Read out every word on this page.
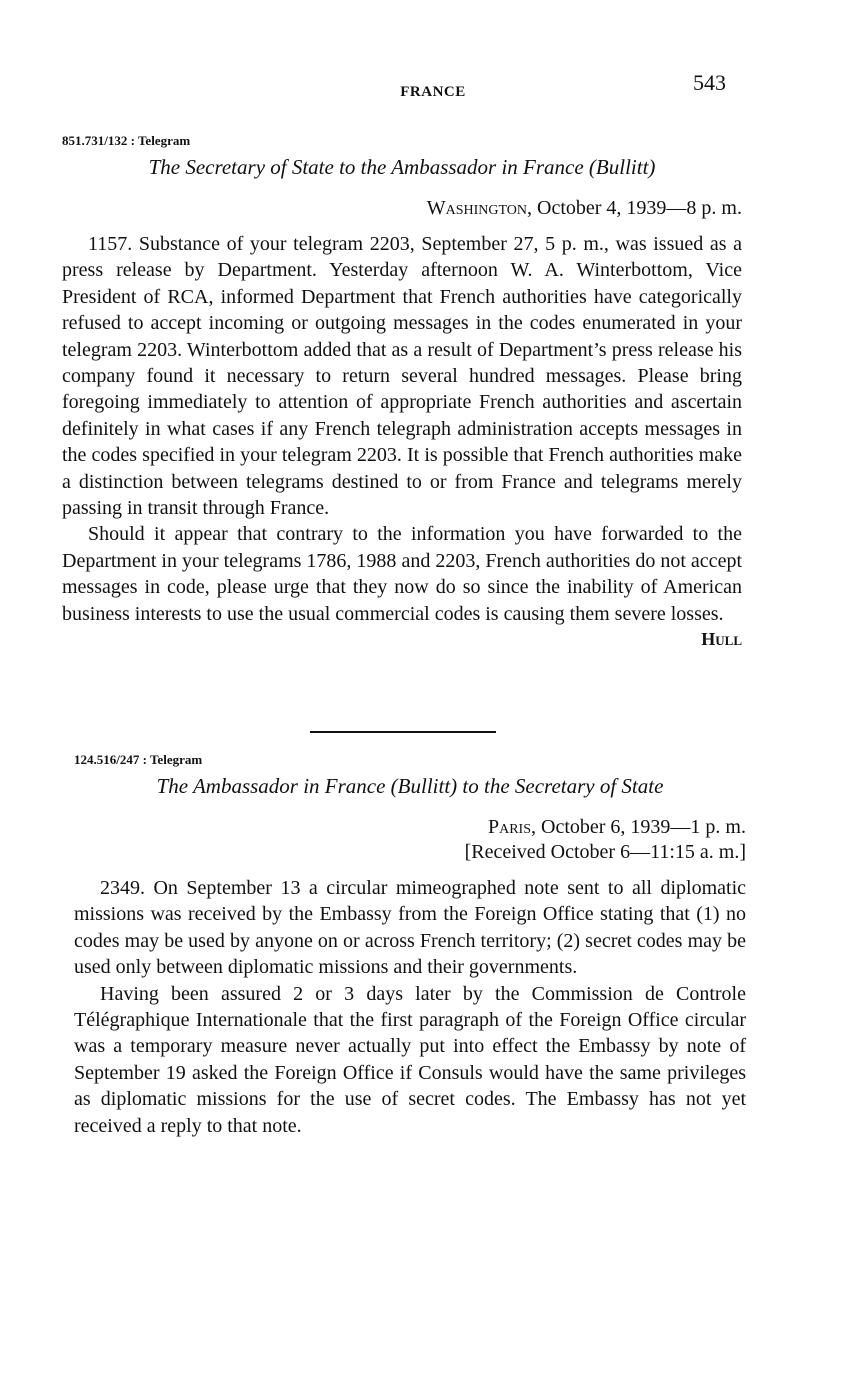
FRANCE	543
851.731/132 : Telegram
The Secretary of State to the Ambassador in France (Bullitt)
Washington, October 4, 1939—8 p. m.

1157. Substance of your telegram 2203, September 27, 5 p. m., was issued as a press release by Department. Yesterday afternoon W. A. Winterbottom, Vice President of RCA, informed Department that French authorities have categorically refused to accept incoming or outgoing messages in the codes enumerated in your telegram 2203. Winterbottom added that as a result of Department’s press release his company found it necessary to return several hundred messages. Please bring foregoing immediately to attention of appropriate French authorities and ascertain definitely in what cases if any French telegraph administration accepts messages in the codes specified in your telegram 2203. It is possible that French authorities make a distinction between telegrams destined to or from France and telegrams merely passing in transit through France.

Should it appear that contrary to the information you have forwarded to the Department in your telegrams 1786, 1988 and 2203, French authorities do not accept messages in code, please urge that they now do so since the inability of American business interests to use the usual commercial codes is causing them severe losses.

Hull
124.516/247 : Telegram
The Ambassador in France (Bullitt) to the Secretary of State
Paris, October 6, 1939—1 p. m.
[Received October 6—11:15 a. m.]

2349. On September 13 a circular mimeographed note sent to all diplomatic missions was received by the Embassy from the Foreign Office stating that (1) no codes may be used by anyone on or across French territory; (2) secret codes may be used only between diplomatic missions and their governments.

Having been assured 2 or 3 days later by the Commission de Controle Télégraphique Internationale that the first paragraph of the Foreign Office circular was a temporary measure never actually put into effect the Embassy by note of September 19 asked the Foreign Office if Consuls would have the same privileges as diplomatic missions for the use of secret codes. The Embassy has not yet received a reply to that note.
